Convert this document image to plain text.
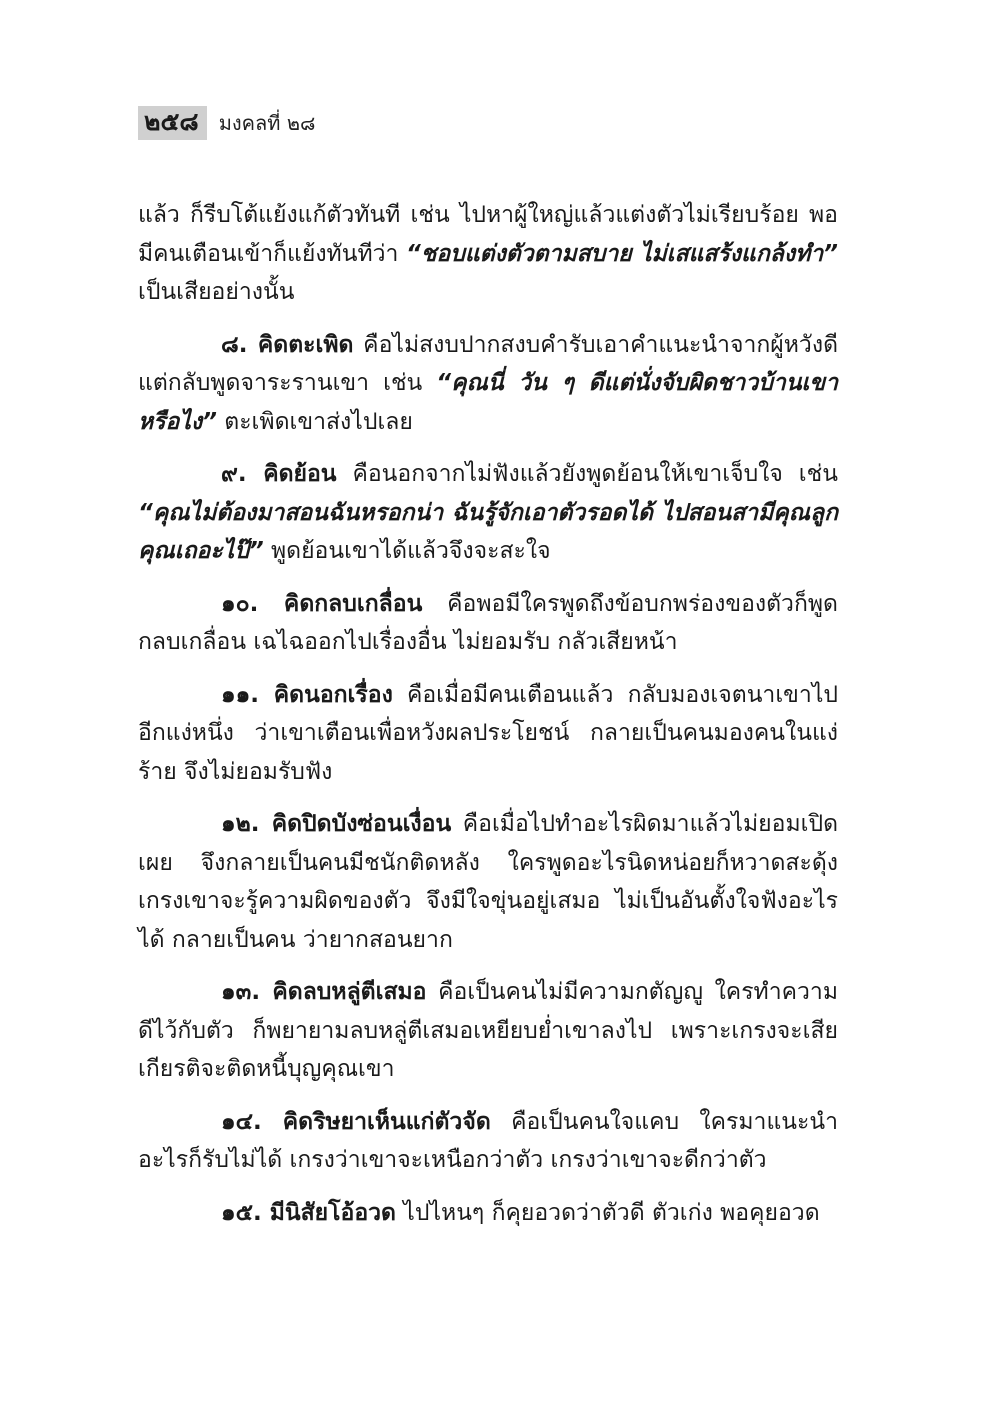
๒๕๘	มงคลที่ ๒๘

แล้ว ก็รีบโต้แย้งแก้ตัวทันที เช่น ไปหาผู้ใหญ่แล้วแต่งตัวไม่เรียบร้อย พอมีคนเตือนเข้าก็แย้งทันทีว่า “ชอบแต่งตัวตามสบาย ไม่เสแสร้งแกล้งทำ” เป็นเสียอย่างนั้น

๘. คิดตะเพิด คือไม่สงบปากสงบคำรับเอาคำแนะนำจากผู้หวังดี แต่กลับพูดจาระรานเขา เช่น “คุณนี่ วัน ๆ ดีแต่นั่งจับผิดชาวบ้านเขาหรือไง” ตะเพิดเขาส่งไปเลย

๙. คิดย้อน คือนอกจากไม่ฟังแล้วยังพูดย้อนให้เขาเจ็บใจ เช่น “คุณไม่ต้องมาสอนฉันหรอกน่า ฉันรู้จักเอาตัวรอดได้ ไปสอนสามีคุณลูกคุณเถอะไป๊” พูดย้อนเขาได้แล้วจึงจะสะใจ

๑๐. คิดกลบเกลื่อน คือพอมีใครพูดถึงข้อบกพร่องของตัวก็พูดกลบเกลื่อน เฉไฉออกไปเรื่องอื่น ไม่ยอมรับ กลัวเสียหน้า

๑๑. คิดนอกเรื่อง คือเมื่อมีคนเตือนแล้ว กลับมองเจตนาเขาไปอีกแง่หนึ่ง ว่าเขาเตือนเพื่อหวังผลประโยชน์ กลายเป็นคนมองคนในแง่ร้าย จึงไม่ยอมรับฟัง

๑๒. คิดปิดบังซ่อนเงื่อน คือเมื่อไปทำอะไรผิดมาแล้วไม่ยอมเปิดเผย จึงกลายเป็นคนมีชนักติดหลัง ใครพูดอะไรนิดหน่อยก็หวาดสะดุ้ง เกรงเขาจะรู้ความผิดของตัว จึงมีใจขุ่นอยู่เสมอ ไม่เป็นอันตั้งใจฟังอะไรได้ กลายเป็นคน ว่ายากสอนยาก

๑๓. คิดลบหลู่ตีเสมอ คือเป็นคนไม่มีความกตัญญู ใครทำความดีไว้กับตัว ก็พยายามลบหลู่ตีเสมอเหยียบย่ำเขาลงไป เพราะเกรงจะเสียเกียรติจะติดหนี้บุญคุณเขา

๑๔. คิดริษยาเห็นแก่ตัวจัด คือเป็นคนใจแคบ ใครมาแนะนำอะไรก็รับไม่ได้ เกรงว่าเขาจะเหนือกว่าตัว เกรงว่าเขาจะดีกว่าตัว

๑๕. มีนิสัยโอ้อวด ไปไหนๆ ก็คุยอวดว่าตัวดี ตัวเก่ง พอคุยอวด
